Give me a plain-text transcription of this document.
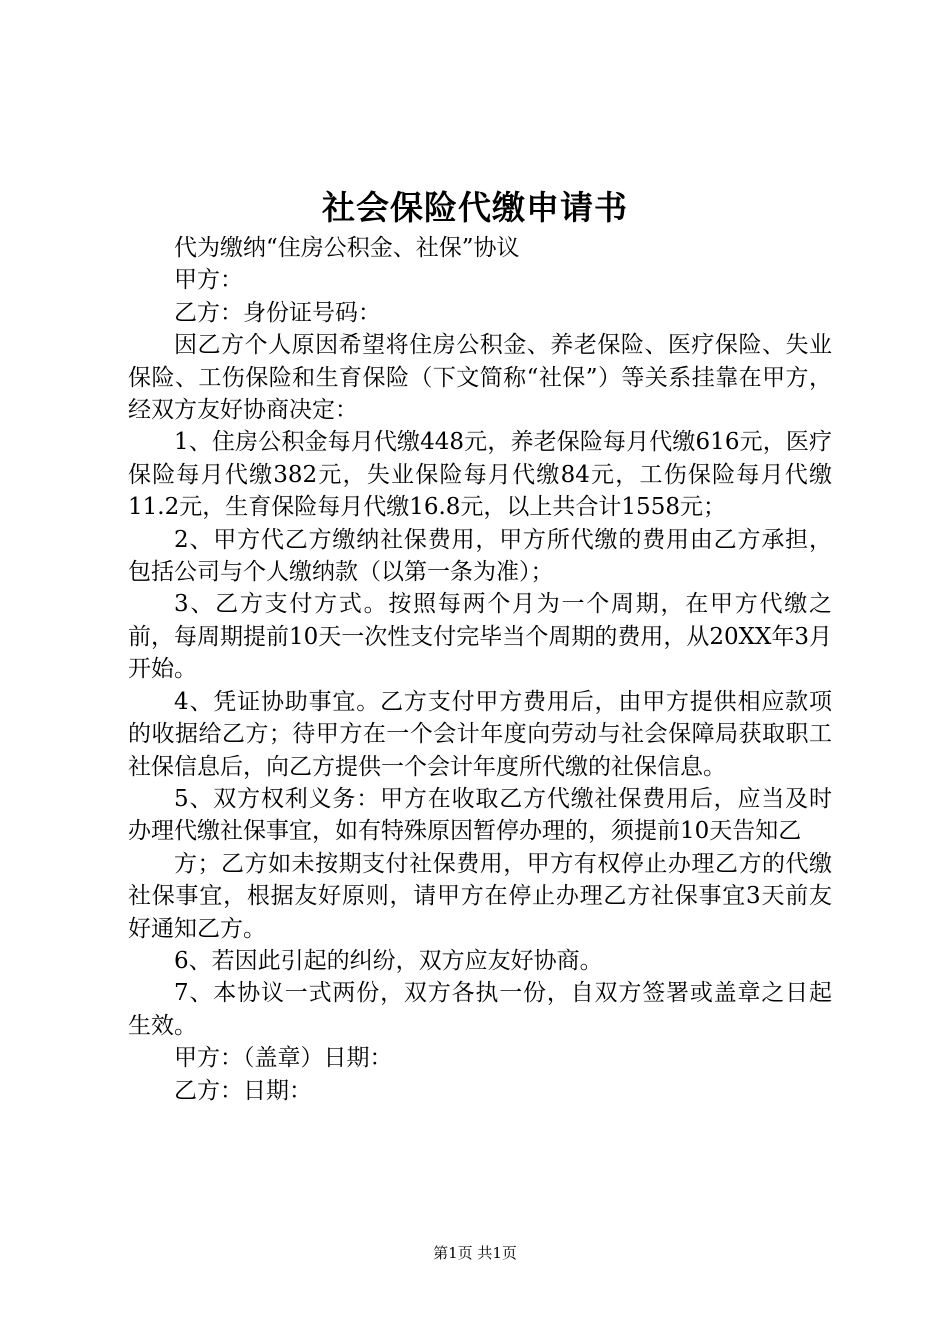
社会保险代缴申请书

代为缴纳“住房公积金、社保”协议

甲方：

乙方：身份证号码：

因乙方个人原因希望将住房公积金、养老保险、医疗保险、失业保险、工伤保险和生育保险（下文简称“社保”）等关系挂靠在甲方，经双方友好协商决定：

1、住房公积金每月代缴448元，养老保险每月代缴616元，医疗保险每月代缴382元，失业保险每月代缴84元，工伤保险每月代缴11.2元，生育保险每月代缴16.8元，以上共合计1558元；

2、甲方代乙方缴纳社保费用，甲方所代缴的费用由乙方承担，包括公司与个人缴纳款（以第一条为准）；

3、乙方支付方式。按照每两个月为一个周期，在甲方代缴之前，每周期提前10天一次性支付完毕当个周期的费用，从20XX年3月开始。

4、凭证协助事宜。乙方支付甲方费用后，由甲方提供相应款项的收据给乙方；待甲方在一个会计年度向劳动与社会保障局获取职工社保信息后，向乙方提供一个会计年度所代缴的社保信息。

5、双方权利义务：甲方在收取乙方代缴社保费用后，应当及时办理代缴社保事宜，如有特殊原因暂停办理的，须提前10天告知乙

方；乙方如未按期支付社保费用，甲方有权停止办理乙方的代缴社保事宜，根据友好原则，请甲方在停止办理乙方社保事宜3天前友好通知乙方。

6、若因此引起的纠纷，双方应友好协商。

7、本协议一式两份，双方各执一份，自双方签署或盖章之日起生效。

甲方：（盖章）日期：

乙方：日期：

第1页 共1页
